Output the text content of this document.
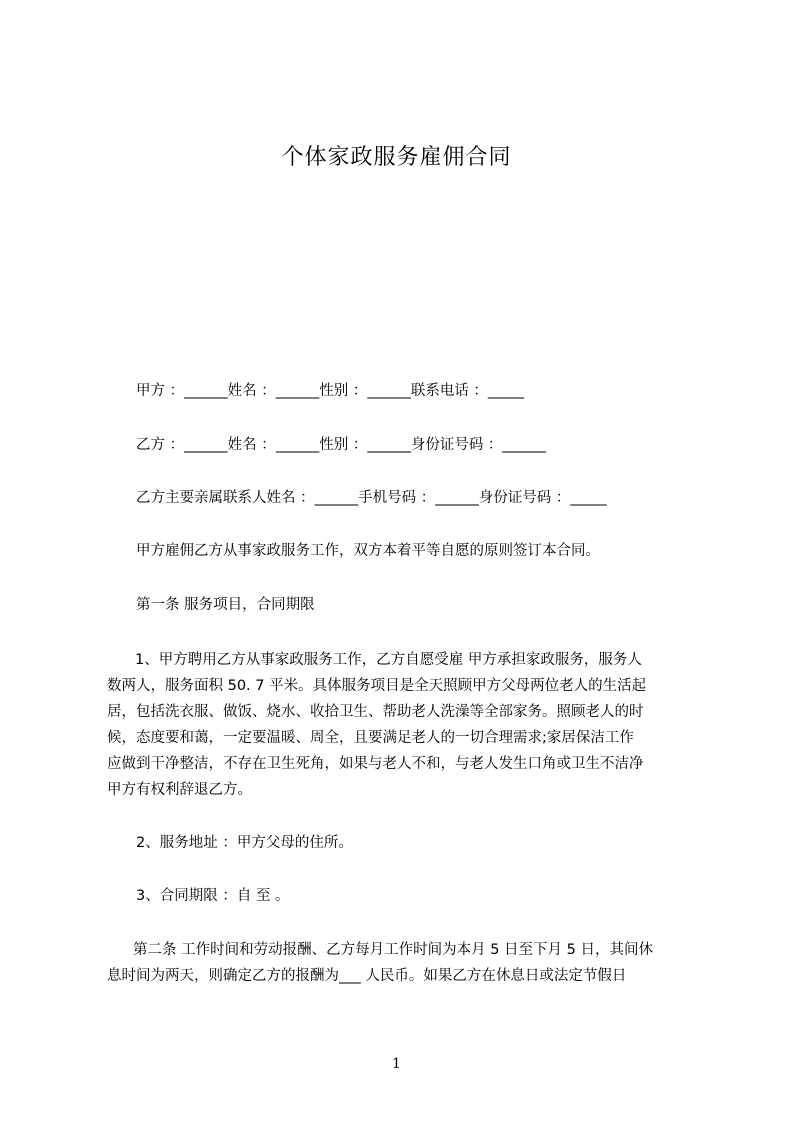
个体家政服务雇佣合同
甲方 ：______姓名 ：______性别 ：______联系电话 ：_____
乙方 ：______姓名 ：______性别 ：______身份证号码 ：______
乙方主要亲属联系人姓名 ：______手机号码 ：______身份证号码 ：_____
甲方雇佣乙方从事家政服务工作，双方本着平等自愿的原则签订本合同。
第一条 服务项目，合同期限
1、甲方聘用乙方从事家政服务工作，乙方自愿受雇 甲方承担家政服务，服务人
数两人，服务面积 50. 7 平米。具体服务项目是全天照顾甲方父母两位老人的生活起
居，包括洗衣服、做饭、烧水、收拾卫生、帮助老人洗澡等全部家务。照顾老人的时
候，态度要和蔼，一定要温暖、周全，且要满足老人的一切合理需求;家居保洁工作
应做到干净整洁，不存在卫生死角，如果与老人不和，与老人发生口角或卫生不洁净
甲方有权利辞退乙方。
2、服务地址 ：甲方父母的住所。
3、合同期限 ：自 至 。
第二条 工作时间和劳动报酬、乙方每月工作时间为本月 5 日至下月 5 日，其间休
息时间为两天，则确定乙方的报酬为___ 人民币。如果乙方在休息日或法定节假日
1
